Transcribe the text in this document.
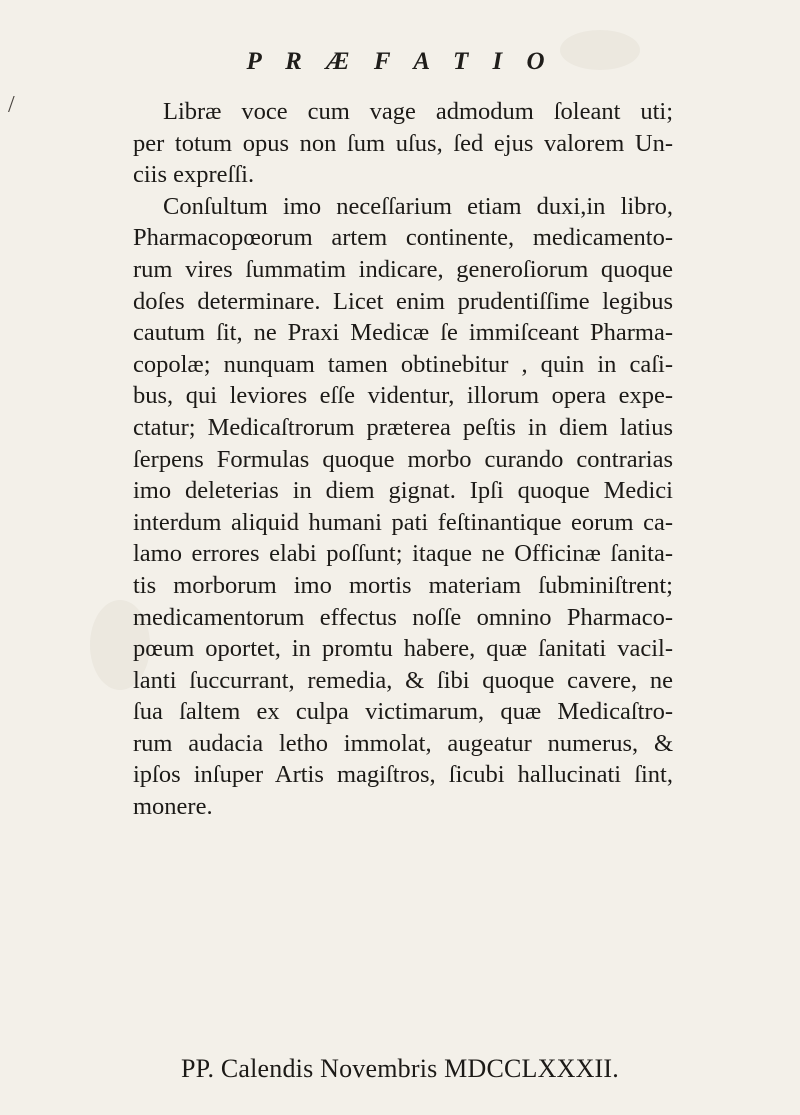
P R Æ F A T I O
/	Libræ voce cum vage admodum ſoleant uti;
per totum opus non ſum uſus, ſed ejus valorem Un-
ciis expreſſi.
Conſultum imo neceſſarium etiam duxi,in libro,
Pharmacopœorum artem continente, medicamento-
rum vires ſummatim indicare, generoſiorum quoque
doſes determinare. Licet enim prudentiſſime legibus
cautum ſit, ne Praxi Medicæ ſe immiſceant Pharma-
copolæ; nunquam tamen obtinebitur , quin in caſi-
bus, qui leviores eſſe videntur, illorum opera expe-
ctatur; Medicaſtrorum præterea peſtis in diem latius
ſerpens Formulas quoque morbo curando contrarias
imo deleterias in diem gignat. Ipſi quoque Medici
interdum aliquid humani pati feſtinantique eorum ca-
lamo errores elabi poſſunt; itaque ne Officinæ ſanita-
tis morborum imo mortis materiam ſubminiſtrent;
medicamentorum effectus noſſe omnino Pharmaco-
pœum oportet, in promtu habere, quæ ſanitati vacil-
lanti ſuccurrant, remedia, & ſibi quoque cavere, ne
ſua ſaltem ex culpa victimarum, quæ Medicaſtro-
rum audacia letho immolat, augeatur numerus, &
ipſos inſuper Artis magiſtros, ſicubi hallucinati ſint,
monere.
PP. Calendis Novembris MDCCLXXXII.
